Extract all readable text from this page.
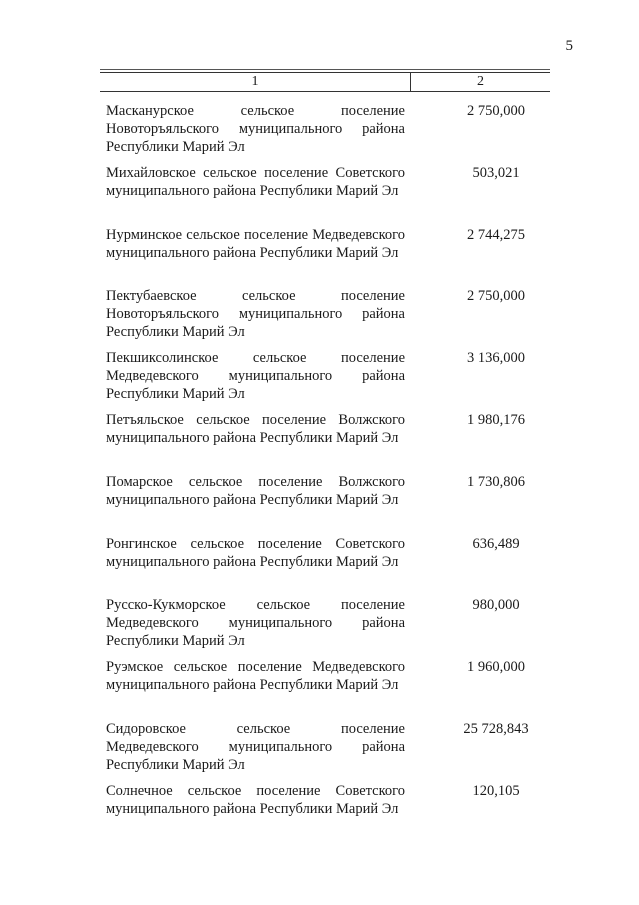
5
1	2
Масканурское сельское поселение Новоторъяльского муниципального района Республики Марий Эл
2 750,000
Михайловское сельское поселение Советского муниципального района Республики Марий Эл
503,021
Нурминское сельское поселение Медведевского муниципального района Республики Марий Эл
2 744,275
Пектубаевское сельское поселение Новоторъяльского муниципального района Республики Марий Эл
2 750,000
Пекшиксолинское сельское поселение Медведевского муниципального района Республики Марий Эл
3 136,000
Петъяльское сельское поселение Волжского муниципального района Республики Марий Эл
1 980,176
Помарское сельское поселение Волжского муниципального района Республики Марий Эл
1 730,806
Ронгинское сельское поселение Советского муниципального района Республики Марий Эл
636,489
Русско-Кукморское сельское поселение Медведевского муниципального района Республики Марий Эл
980,000
Руэмское сельское поселение Медведевского муниципального района Республики Марий Эл
1 960,000
Сидоровское сельское поселение Медведевского муниципального района Республики Марий Эл
25 728,843
Солнечное сельское поселение Советского муниципального района Республики Марий Эл
120,105
